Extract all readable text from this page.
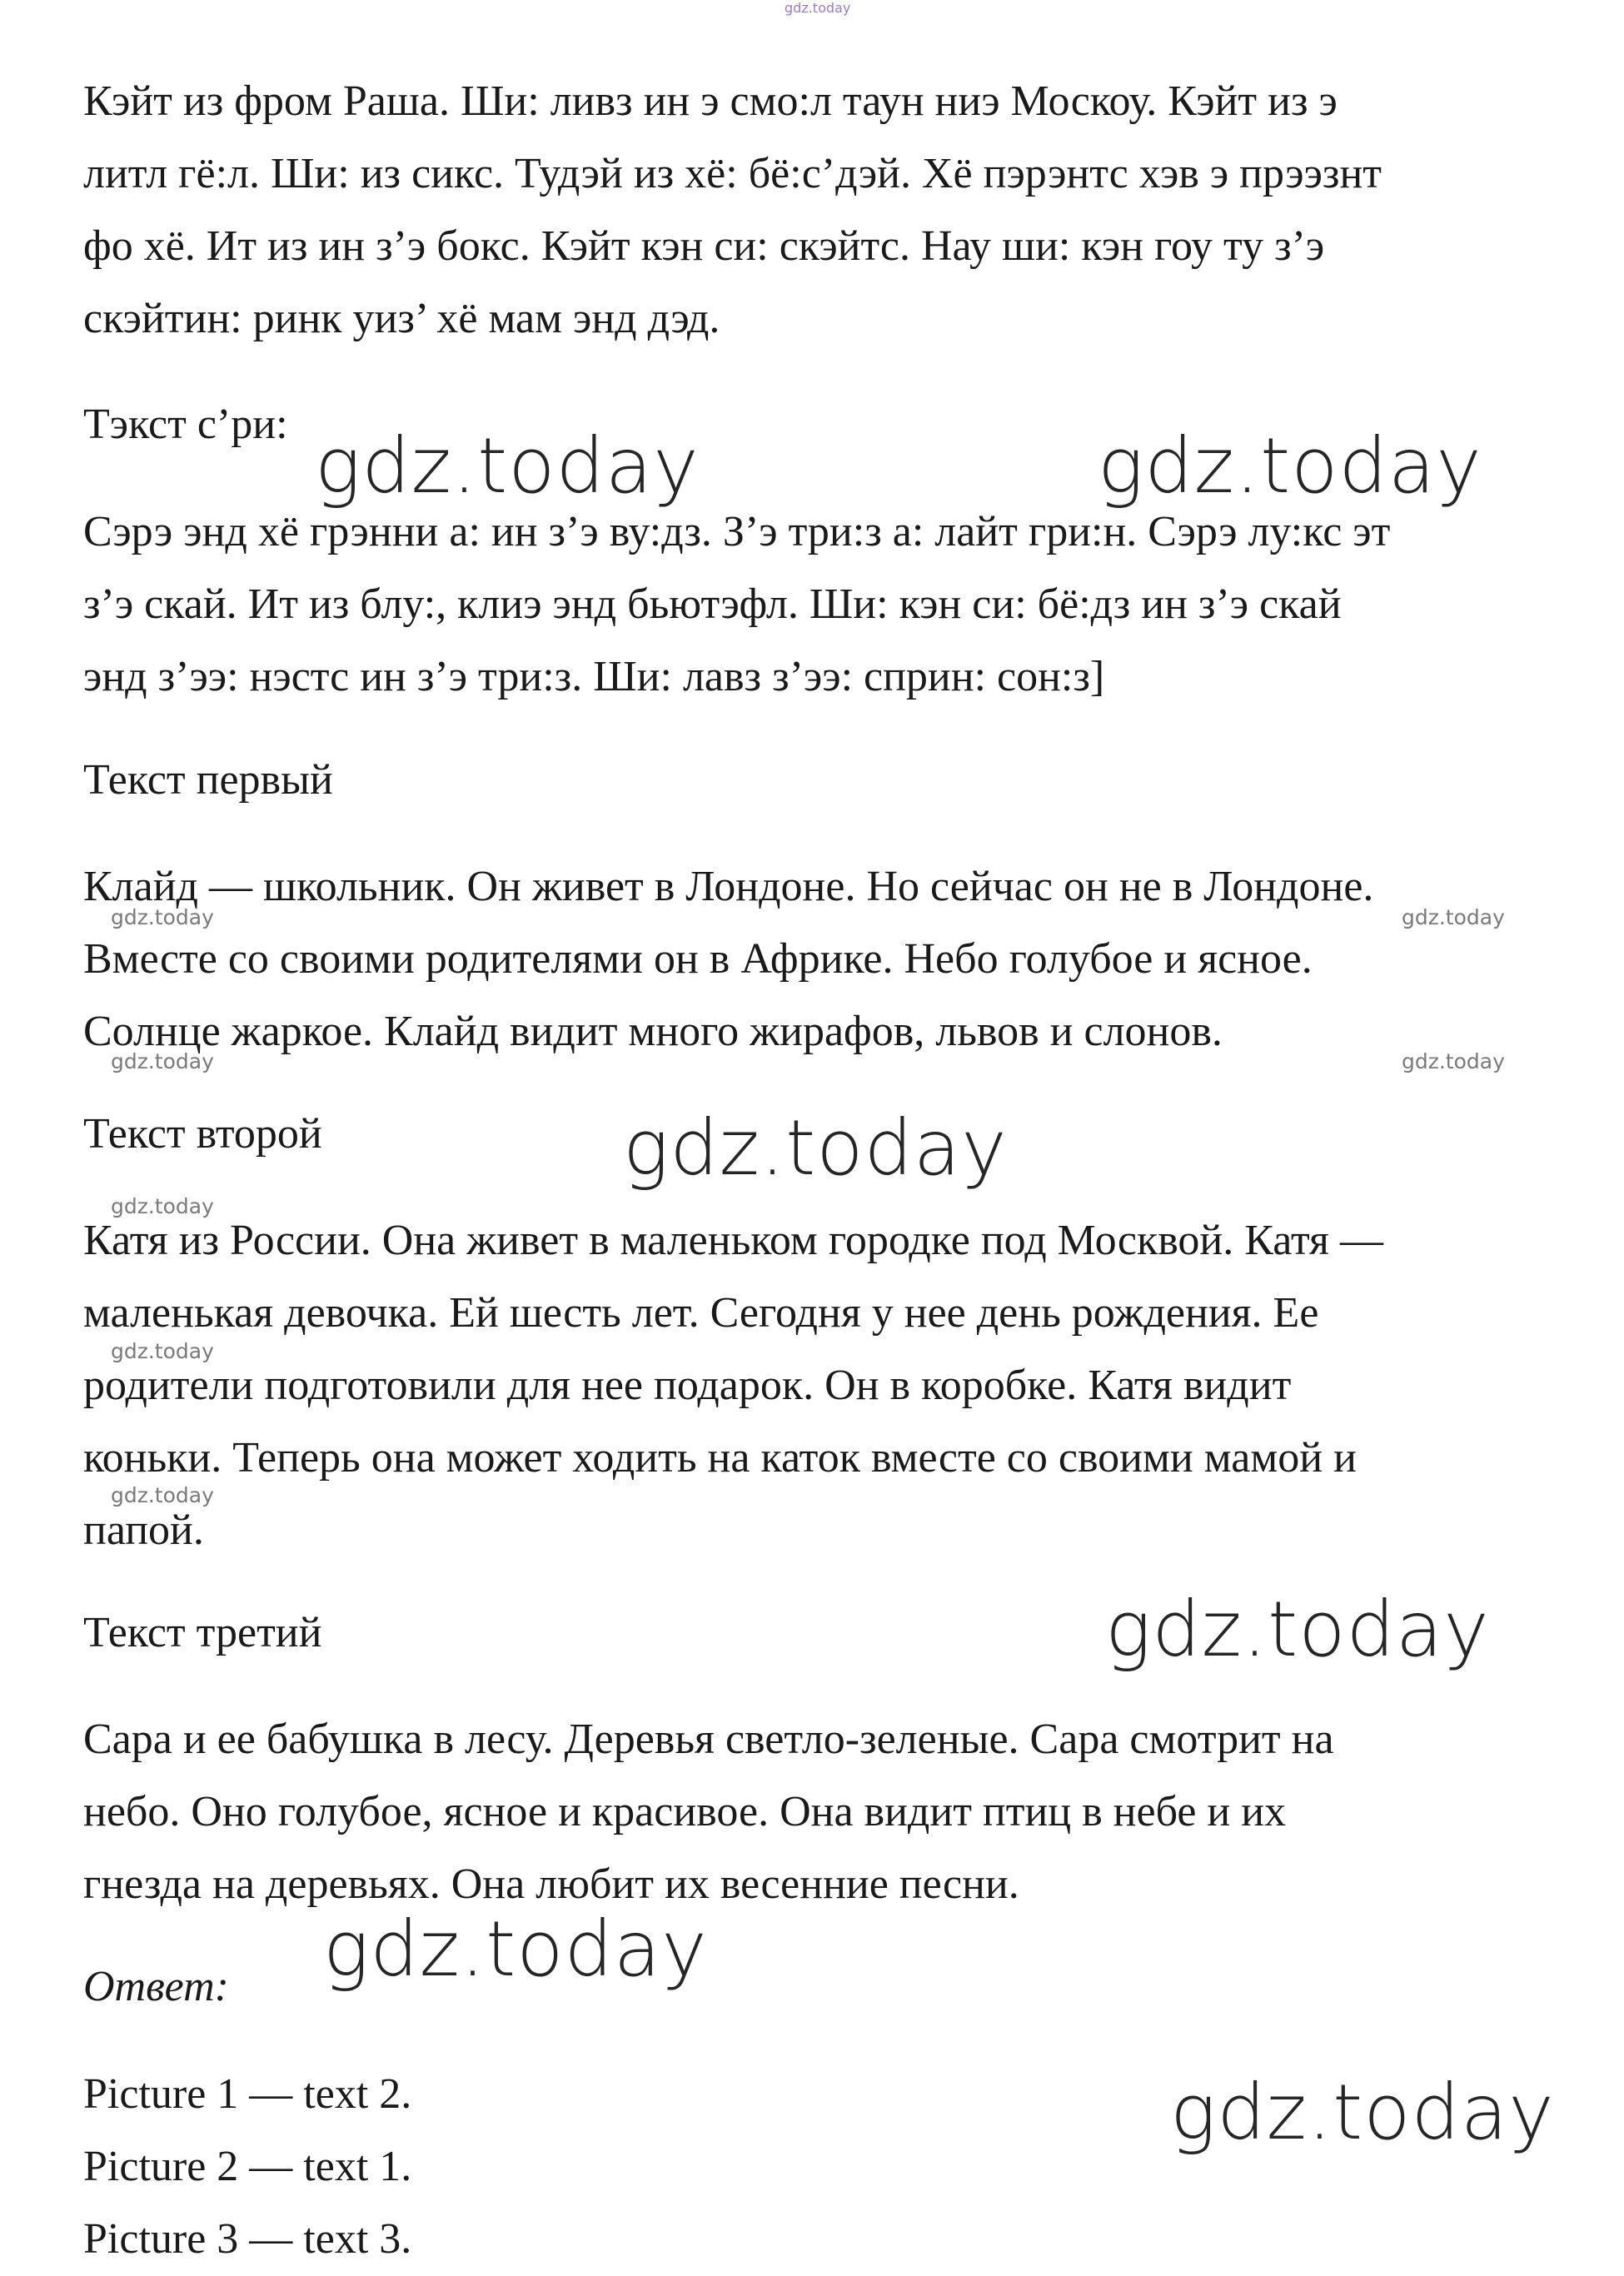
gdz.today

Кэйт из фром Раша. Ши: ливз ин э смо:л таун ниэ Москоу. Кэйт из э
литл гё:л. Ши: из сикс. Тудэй из хё: бё:с’дэй. Хё пэрэнтс хэв э прээзнт
фо хё. Ит из ин з’э бокс. Кэйт кэн си: скэйтс. Нау ши: кэн гоу ту з’э
скэйтин: ринк уиз’ хё мам энд дэд.

Тэкст с’ри: gdz.today	gdz.today

Сэрэ энд хё грэнни а: ин з’э ву:дз. З’э три:з а: лайт гри:н. Сэрэ лу:кс эт
з’э скай. Ит из блу:, клиэ энд бьютэфл. Ши: кэн си: бё:дз ин з’э скай
энд з’ээ: нэстс ин з’э три:з. Ши: лавз з’ээ: сприн: сон:з]

Текст первый

Клайд — школьник. Он живет в Лондоне. Но сейчас он не в Лондоне.
Вместе со своими родителями он в Африке. Небо голубое и ясное.
Солнце жаркое. Клайд видит много жирафов, львов и слонов.

gdz.today	gdz.today
gdz.today	gdz.today

Текст второй	gdz.today
gdz.today

Катя из России. Она живет в маленьком городке под Москвой. Катя —
маленькая девочка. Ей шесть лет. Сегодня у нее день рождения. Ее
родители подготовили для нее подарок. Он в коробке. Катя видит
коньки. Теперь она может ходить на каток вместе со своими мамой и
папой.

gdz.today
gdz.today

Текст третий	gdz.today

Сара и ее бабушка в лесу. Деревья светло-зеленые. Сара смотрит на
небо. Оно голубое, ясное и красивое. Она видит птиц в небе и их
гнезда на деревьях. Она любит их весенние песни.

gdz.today

Ответ:

Picture 1 — text 2.
Picture 2 — text 1.
Picture 3 — text 3.

gdz.today
